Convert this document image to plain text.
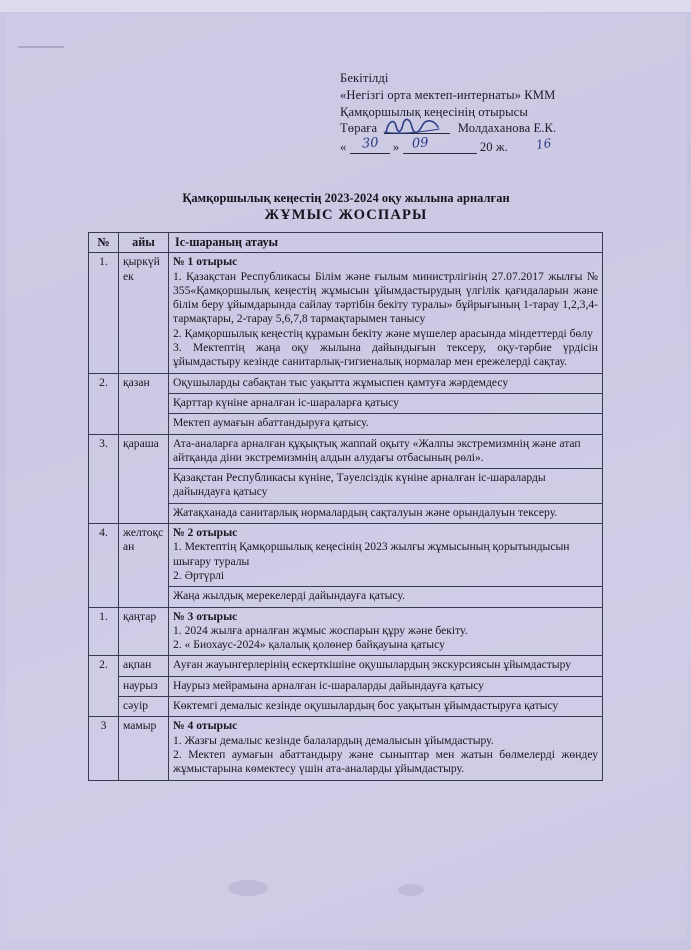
Бекітілді
«Негізгі орта мектеп-интернаты» КММ
Қамқоршылық кеңесінің отырысы
Төраға	Молдаханова Е.К.
«	»	20 ж.
30 09	16
Қамқоршылық кеңестің 2023-2024 оқу жылына арналған
ЖҰМЫС ЖОСПАРЫ
№	айы	Іс-шараның атауы
1.	қыркүйек	№ 1 отырыс
1. Қазақстан Республикасы Білім және ғылым министрлігінің 27.07.2017 жылғы № 355«Қамқоршылық кеңестің жұмысын ұйымдастырудың үлгілік қағидаларын және білім беру ұйымдарында сайлау тәртібін бекіту туралы» бұйрығының 1-тарау 1,2,3,4-тармақтары, 2-тарау 5,6,7,8 тармақтарымен танысу
2. Қамқоршылық кеңестің құрамын бекіту және мүшелер арасында міндеттерді бөлу
3. Мектептің жаңа оқу жылына дайындығын тексеру, оқу-тәрбие үрдісін ұйымдастыру кезінде санитарлық-гигиеналық нормалар мен ережелерді сақтау.

2.	қазан	Оқушыларды сабақтан тыс уақытта жұмыспен қамтуға жәрдемдесу

		Қарттар күніне арналған іс-шараларға қатысу

		Мектеп аумағын абаттандыруға қатысу.

3.	қараша	Ата-аналарға арналған құқықтық жаппай оқыту «Жалпы экстремизмнің және атап айтқанда діни экстремизмнің алдын алудағы отбасының рөлі».

		Қазақстан Республикасы күніне, Тәуелсіздік күніне арналған іс-шараларды дайындауға қатысу

		Жатақханада санитарлық нормалардың сақталуын және орындалуын тексеру.

4.	желтоқсан	№ 2 отырыс
1. Мектептің Қамқоршылық кеңесінің 2023 жылғы жұмысының қорытындысын шығару туралы
2. Әртүрлі

		Жаңа жылдық мерекелерді дайындауға қатысу.

1.	қаңтар	№ 3 отырыс
1. 2024 жылға арналған жұмыс жоспарын құру және бекіту.
2. « Биохаус-2024» қалалық қолөнер байқауына қатысу

2.	ақпан	Ауған жауынгерлерінің ескерткішіне оқушылардың экскурсиясын ұйымдастыру

	наурыз	Наурыз мейрамына арналған іс-шараларды дайындауға қатысу

	сәуір	Көктемгі демалыс кезінде оқушылардың бос уақытын ұйымдастыруға қатысу

3	мамыр	№ 4 отырыс
1. Жазғы демалыс кезінде балалардың демалысын ұйымдастыру.
2. Мектеп аумағын абаттандыру және сыныптар мен жатын бөлмелерді жөндеу жұмыстарына көмектесу үшін ата-аналарды ұйымдастыру.
